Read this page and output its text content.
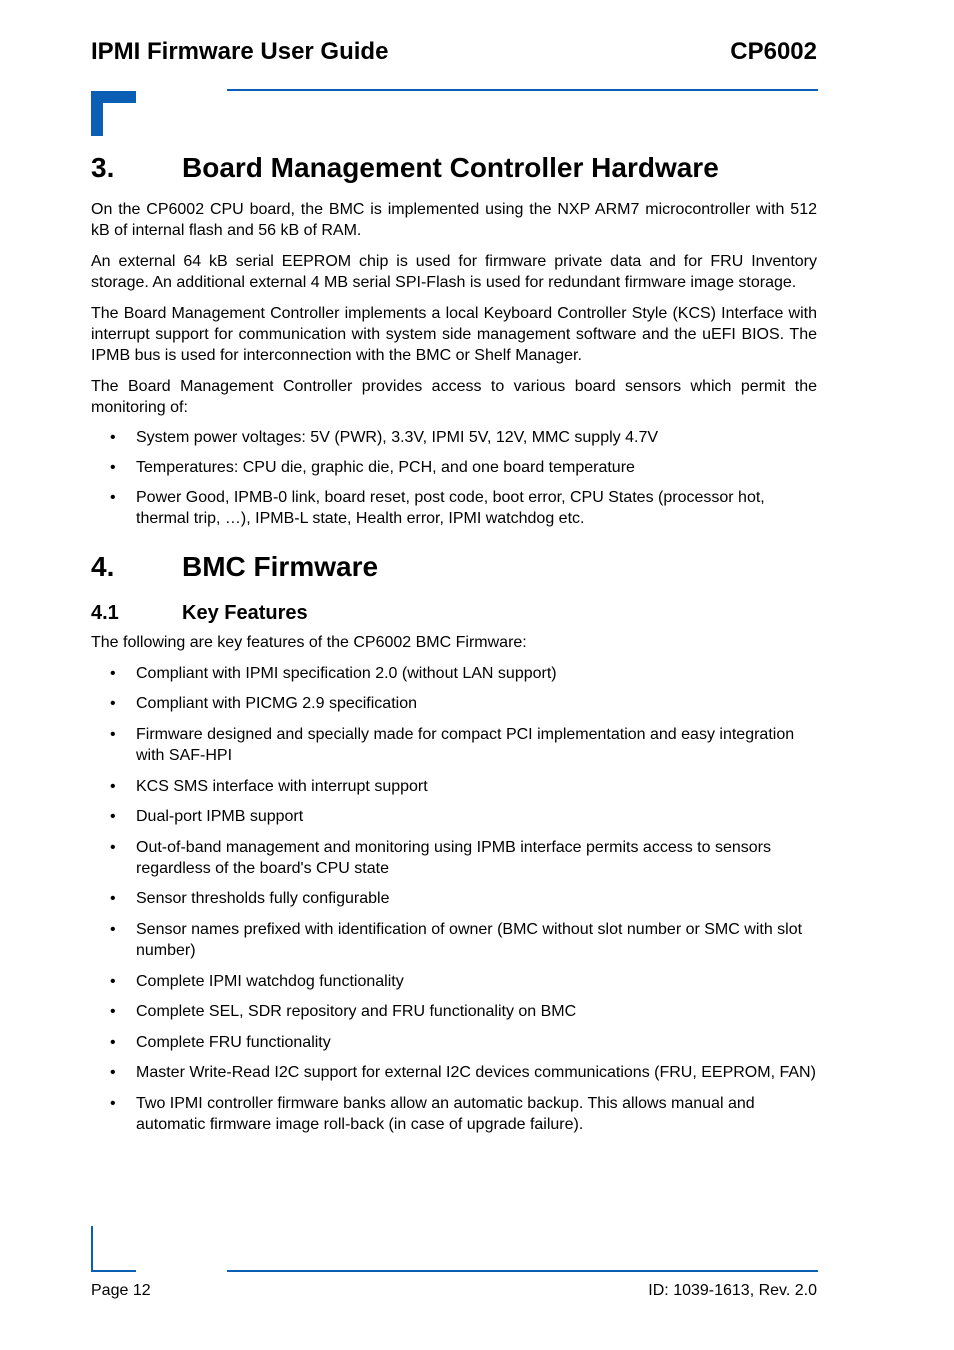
IPMI Firmware User Guide	CP6002
3.	Board Management Controller Hardware

On the CP6002 CPU board, the BMC is implemented using the NXP ARM7 microcontroller with 512 kB of internal flash and 56 kB of RAM.

An external 64 kB serial EEPROM chip is used for firmware private data and for FRU Inventory storage. An additional external 4 MB serial SPI-Flash is used for redundant firmware image storage.

The Board Management Controller implements a local Keyboard Controller Style (KCS) Interface with interrupt support for communication with system side management software and the uEFI BIOS. The IPMB bus is used for interconnection with the BMC or Shelf Manager.

The Board Management Controller provides access to various board sensors which permit the monitoring of:

• System power voltages: 5V (PWR), 3.3V, IPMI 5V, 12V, MMC supply 4.7V
• Temperatures: CPU die, graphic die, PCH, and one board temperature
• Power Good, IPMB-0 link, board reset, post code, boot error, CPU States (processor hot, thermal trip, …), IPMB-L state, Health error, IPMI watchdog etc.
4.	BMC Firmware
4.1	Key Features

The following are key features of the CP6002 BMC Firmware:

• Compliant with IPMI specification 2.0 (without LAN support)
• Compliant with PICMG 2.9 specification
• Firmware designed and specially made for compact PCI implementation and easy integration with SAF-HPI
• KCS SMS interface with interrupt support
• Dual-port IPMB support
• Out-of-band management and monitoring using IPMB interface permits access to sensors regardless of the board's CPU state
• Sensor thresholds fully configurable
• Sensor names prefixed with identification of owner (BMC without slot number or SMC with slot number)
• Complete IPMI watchdog functionality
• Complete SEL, SDR repository and FRU functionality on BMC
• Complete FRU functionality
• Master Write-Read I2C support for external I2C devices communications (FRU, EEPROM, FAN)
• Two IPMI controller firmware banks allow an automatic backup. This allows manual and automatic firmware image roll-back (in case of upgrade failure).
Page 12	ID: 1039-1613, Rev. 2.0
